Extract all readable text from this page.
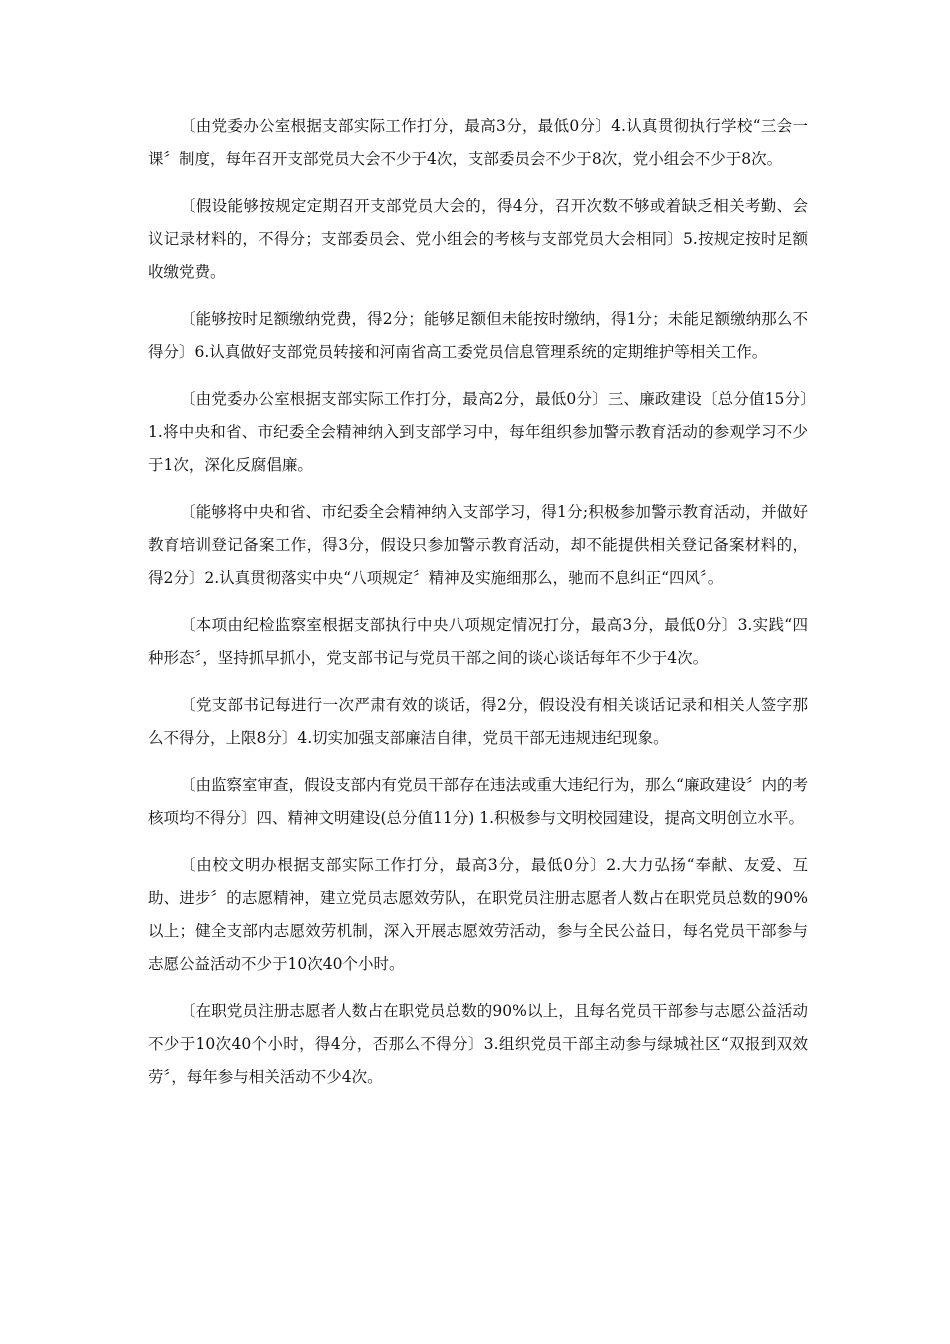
〔由党委办公室根据支部实际工作打分，最高3分，最低0分〕4.认真贯彻执行学校“三会一课〞制度，每年召开支部党员大会不少于4次，支部委员会不少于8次，党小组会不少于8次。

〔假设能够按规定定期召开支部党员大会的，得4分，召开次数不够或着缺乏相关考勤、会议记录材料的，不得分；支部委员会、党小组会的考核与支部党员大会相同〕5.按规定按时足额收缴党费。

〔能够按时足额缴纳党费，得2分；能够足额但未能按时缴纳，得1分；未能足额缴纳那么不得分〕6.认真做好支部党员转接和河南省高工委党员信息管理系统的定期维护等相关工作。

〔由党委办公室根据支部实际工作打分，最高2分，最低0分〕三、廉政建设〔总分值15分〕1.将中央和省、市纪委全会精神纳入到支部学习中，每年组织参加警示教育活动的参观学习不少于1次，深化反腐倡廉。

〔能够将中央和省、市纪委全会精神纳入支部学习，得1分;积极参加警示教育活动，并做好教育培训登记备案工作，得3分，假设只参加警示教育活动，却不能提供相关登记备案材料的，得2分〕2.认真贯彻落实中央“八项规定〞精神及实施细那么，驰而不息纠正“四风〞。

〔本项由纪检监察室根据支部执行中央八项规定情况打分，最高3分，最低0分〕3.实践“四种形态〞，坚持抓早抓小，党支部书记与党员干部之间的谈心谈话每年不少于4次。

〔党支部书记每进行一次严肃有效的谈话，得2分，假设没有相关谈话记录和相关人签字那么不得分，上限8分〕4.切实加强支部廉洁自律，党员干部无违规违纪现象。

〔由监察室审查，假设支部内有党员干部存在违法或重大违纪行为，那么“廉政建设〞内的考核项均不得分〕四、精神文明建设(总分值11分) 1.积极参与文明校园建设，提高文明创立水平。

〔由校文明办根据支部实际工作打分，最高3分，最低0分〕2.大力弘扬“奉献、友爱、互助、进步〞的志愿精神，建立党员志愿效劳队，在职党员注册志愿者人数占在职党员总数的90%以上；健全支部内志愿效劳机制，深入开展志愿效劳活动，参与全民公益日，每名党员干部参与志愿公益活动不少于10次40个小时。

〔在职党员注册志愿者人数占在职党员总数的90%以上，且每名党员干部参与志愿公益活动不少于10次40个小时，得4分，否那么不得分〕3.组织党员干部主动参与绿城社区“双报到双效劳〞，每年参与相关活动不少4次。
